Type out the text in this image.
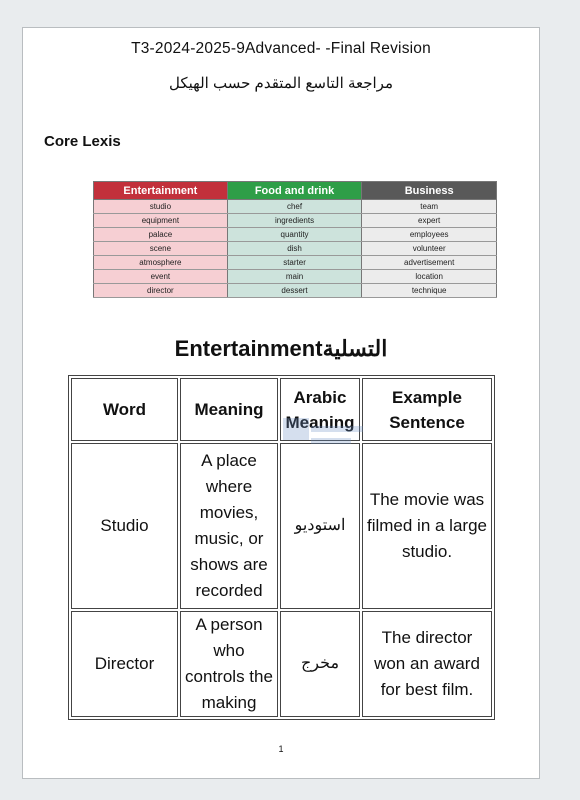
T3-2024-2025-9Advanced- -Final Revision
مراجعة التاسع المتقدم حسب الهيكل
Core Lexis
Entertainment	Food and drink	Business
studio	chef	team
equipment	ingredients	expert
palace	quantity	employees
scene	dish	volunteer
atmosphere	starter	advertisement
event	main	location
director	dessert	technique
Entertainmentالتسلية
Word	Meaning	Arabic Meaning	Example Sentence
Studio	A place where movies, music, or shows are recorded	استوديو	The movie was filmed in a large studio.
Director	A person who controls the making	مخرج	The director won an award for best film.
1
